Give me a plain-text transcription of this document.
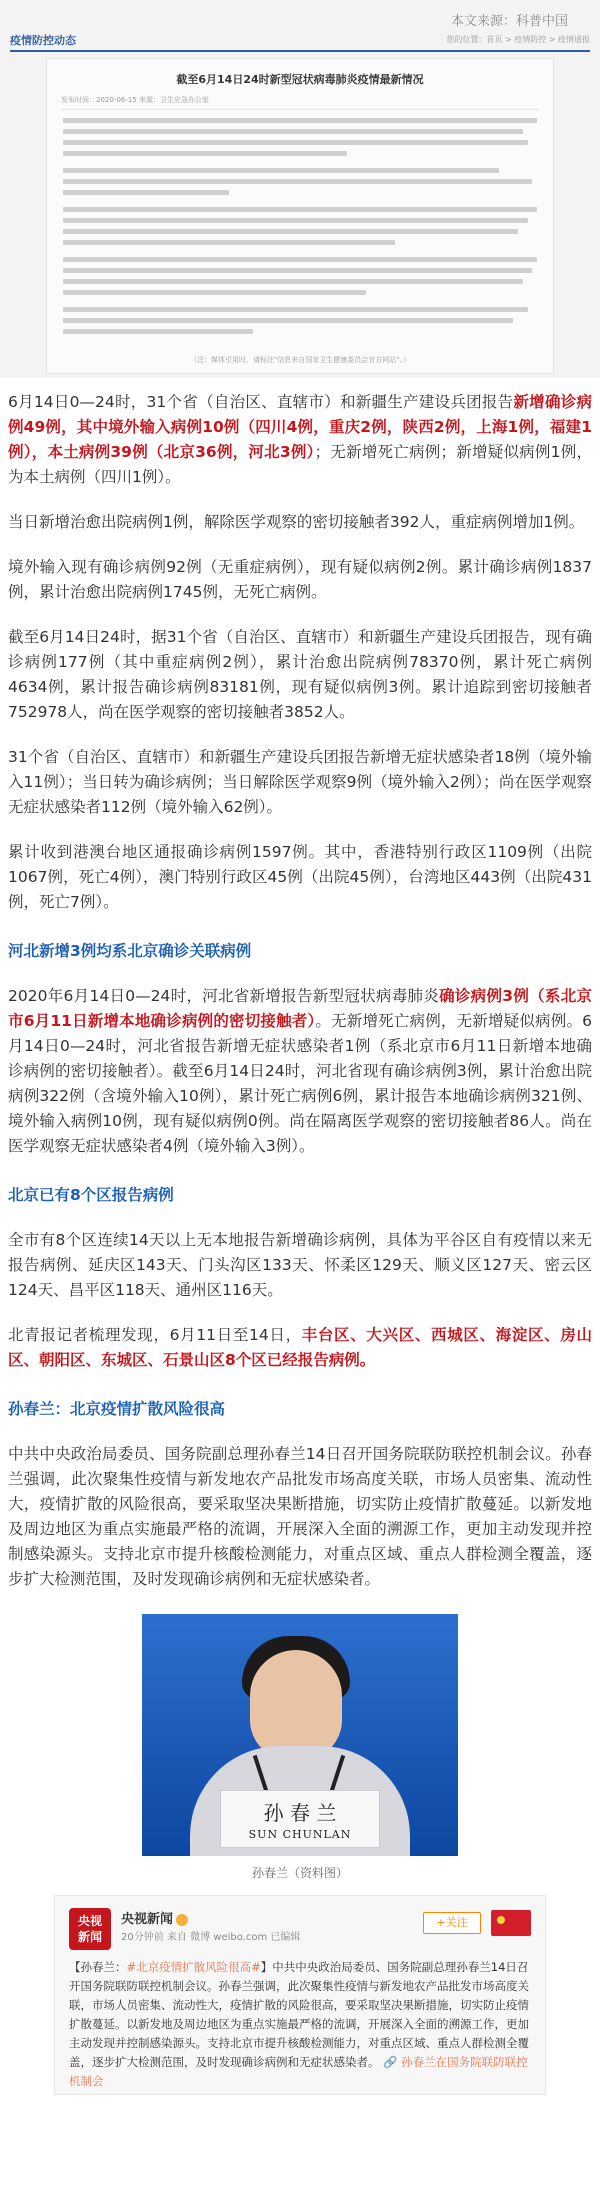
本文来源：科普中国
疫情防控动态	您的位置：首页 > 疫情防控 > 疫情通报
截至6月14日24时新型冠状病毒肺炎疫情最新情况
发布时间：2020-06-15 来源：卫生应急办公室
（注：媒体引用时，请标注"信息来自国家卫生健康委员会官方网站"。）

6月14日0—24时，31个省（自治区、直辖市）和新疆生产建设兵团报告新增确诊病例49例，其中境外输入病例10例（四川4例，重庆2例，陕西2例，上海1例，福建1例），本土病例39例（北京36例，河北3例）；无新增死亡病例；新增疑似病例1例，为本土病例（四川1例）。

当日新增治愈出院病例1例，解除医学观察的密切接触者392人，重症病例增加1例。

境外输入现有确诊病例92例（无重症病例），现有疑似病例2例。累计确诊病例1837例，累计治愈出院病例1745例，无死亡病例。

截至6月14日24时，据31个省（自治区、直辖市）和新疆生产建设兵团报告，现有确诊病例177例（其中重症病例2例），累计治愈出院病例78370例，累计死亡病例4634例，累计报告确诊病例83181例，现有疑似病例3例。累计追踪到密切接触者752978人，尚在医学观察的密切接触者3852人。

31个省（自治区、直辖市）和新疆生产建设兵团报告新增无症状感染者18例（境外输入11例）；当日转为确诊病例；当日解除医学观察9例（境外输入2例）；尚在医学观察无症状感染者112例（境外输入62例）。

累计收到港澳台地区通报确诊病例1597例。其中，香港特别行政区1109例（出院1067例，死亡4例），澳门特别行政区45例（出院45例），台湾地区443例（出院431例，死亡7例）。

河北新增3例均系北京确诊关联病例

2020年6月14日0—24时，河北省新增报告新型冠状病毒肺炎确诊病例3例（系北京市6月11日新增本地确诊病例的密切接触者）。无新增死亡病例，无新增疑似病例。6月14日0—24时，河北省报告新增无症状感染者1例（系北京市6月11日新增本地确诊病例的密切接触者）。截至6月14日24时，河北省现有确诊病例3例，累计治愈出院病例322例（含境外输入10例），累计死亡病例6例，累计报告本地确诊病例321例、境外输入病例10例，现有疑似病例0例。尚在隔离医学观察的密切接触者86人。尚在医学观察无症状感染者4例（境外输入3例）。

北京已有8个区报告病例

全市有8个区连续14天以上无本地报告新增确诊病例，具体为平谷区自有疫情以来无报告病例、延庆区143天、门头沟区133天、怀柔区129天、顺义区127天、密云区124天、昌平区118天、通州区116天。

北青报记者梳理发现，6月11日至14日，丰台区、大兴区、西城区、海淀区、房山区、朝阳区、东城区、石景山区8个区已经报告病例。

孙春兰：北京疫情扩散风险很高

中共中央政治局委员、国务院副总理孙春兰14日召开国务院联防联控机制会议。孙春兰强调，此次聚集性疫情与新发地农产品批发市场高度关联，市场人员密集、流动性大，疫情扩散的风险很高，要采取坚决果断措施，切实防止疫情扩散蔓延。以新发地及周边地区为重点实施最严格的流调，开展深入全面的溯源工作，更加主动发现并控制感染源头。支持北京市提升核酸检测能力，对重点区域、重点人群检测全覆盖，逐步扩大检测范围，及时发现确诊病例和无症状感染者。

孙 春 兰
SUN CHUNLAN
孙春兰（资料图）
央视
新闻
央视新闻
20分钟前 来自 微博 weibo.com 已编辑
+关注
【孙春兰：#北京疫情扩散风险很高#】中共中央政治局委员、国务院副总理孙春兰14日召开国务院联防联控机制会议。孙春兰强调，此次聚集性疫情与新发地农产品批发市场高度关联，市场人员密集、流动性大，疫情扩散的风险很高，要采取坚决果断措施，切实防止疫情扩散蔓延。以新发地及周边地区为重点实施最严格的流调，开展深入全面的溯源工作，更加主动发现并控制感染源头。支持北京市提升核酸检测能力，对重点区域、重点人群检测全覆盖，逐步扩大检测范围，及时发现确诊病例和无症状感染者。 🔗 孙春兰在国务院联防联控机制会
